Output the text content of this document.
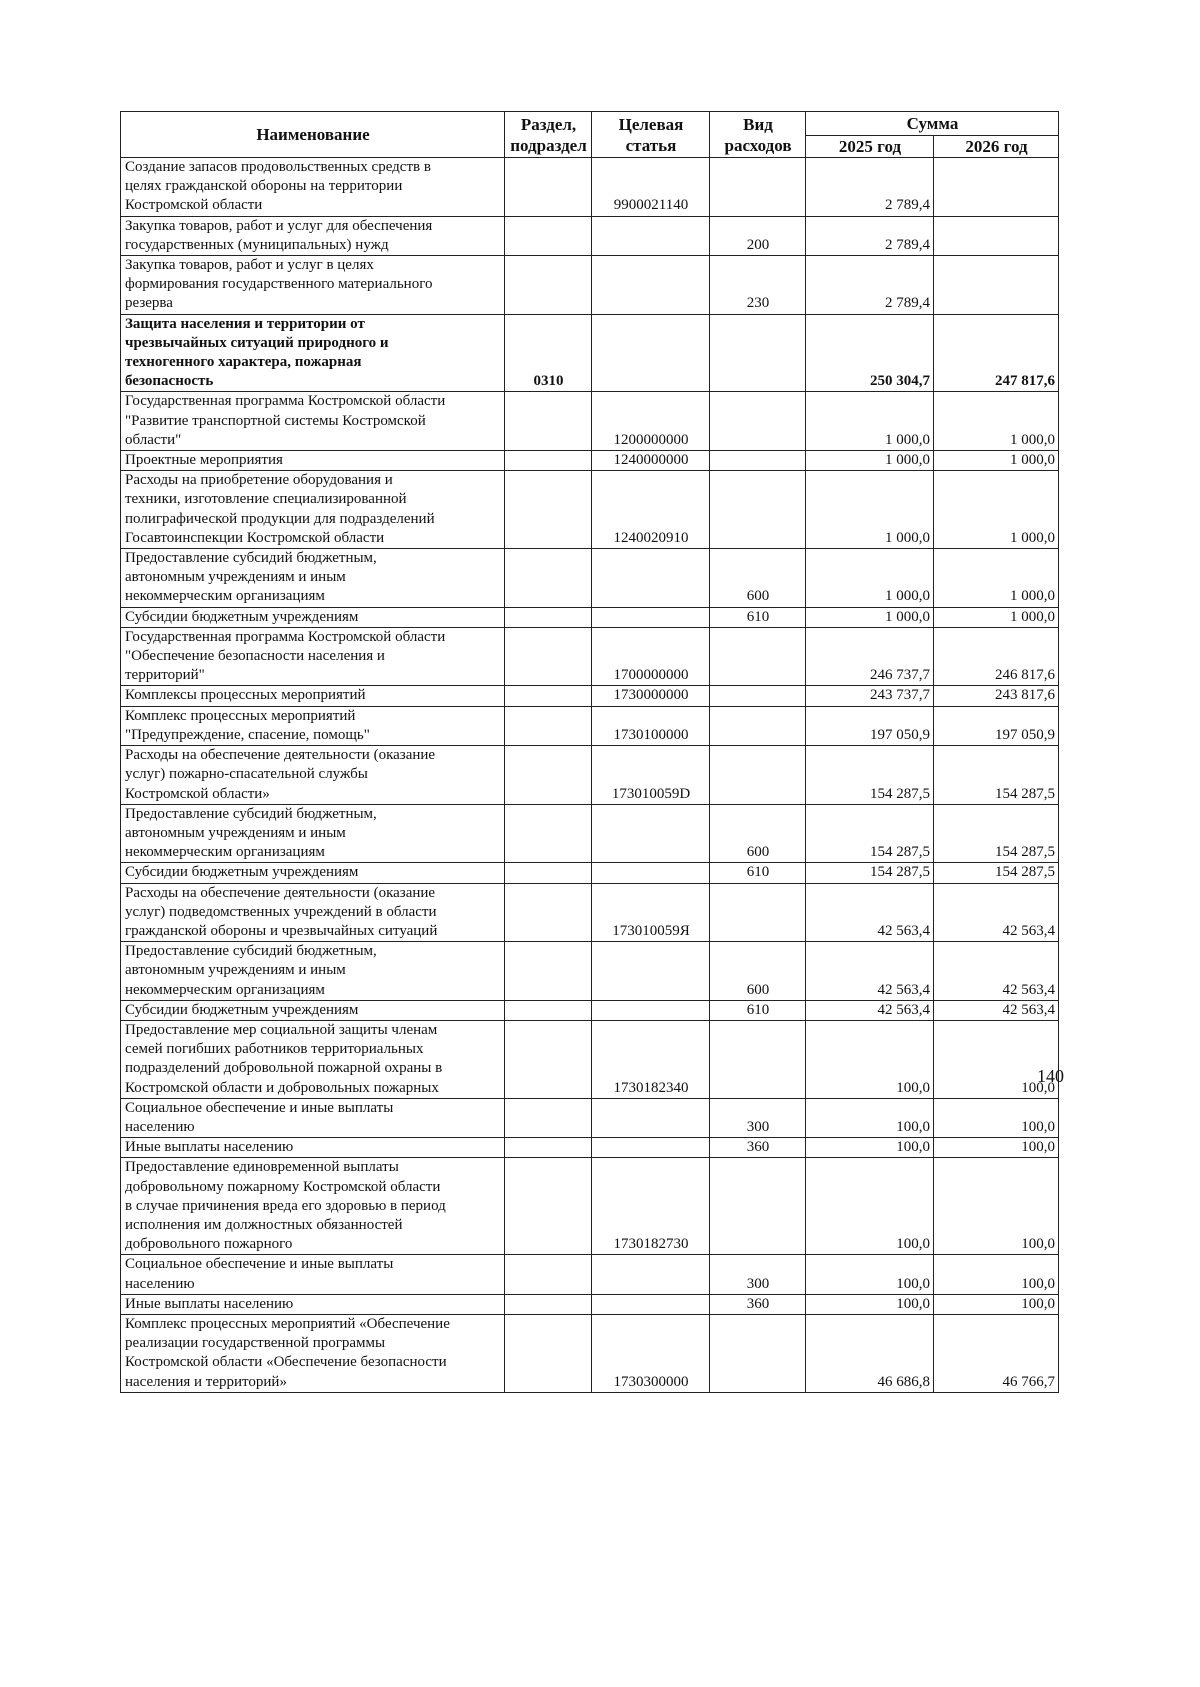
Наименование	Раздел, подраздел	Целевая статья	Вид расходов	Сумма	
				2025 год	2026 год
Создание запасов продовольственных средств в
целях гражданской обороны на территории
Костромской области		9900021140		2 789,4	
Закупка товаров, работ и услуг для обеспечения
государственных (муниципальных) нужд			200	2 789,4	
Закупка товаров, работ и услуг в целях
формирования государственного материального
резерва			230	2 789,4	
Защита населения и территории от
чрезвычайных ситуаций природного и
техногенного характера, пожарная
безопасность	0310			250 304,7	247 817,6
Государственная программа Костромской области
"Развитие транспортной системы Костромской
области"		1200000000		1 000,0	1 000,0
Проектные мероприятия		1240000000		1 000,0	1 000,0
Расходы на приобретение оборудования и
техники, изготовление специализированной
полиграфической продукции для подразделений
Госавтоинспекции Костромской области		1240020910		1 000,0	1 000,0
Предоставление субсидий бюджетным,
автономным учреждениям и иным
некоммерческим организациям			600	1 000,0	1 000,0
Субсидии бюджетным учреждениям			610	1 000,0	1 000,0
Государственная программа Костромской области
"Обеспечение безопасности населения и
территорий"		1700000000		246 737,7	246 817,6
Комплексы процессных мероприятий		1730000000		243 737,7	243 817,6
Комплекс процессных мероприятий
"Предупреждение, спасение, помощь"		1730100000		197 050,9	197 050,9
Расходы на обеспечение деятельности (оказание
услуг) пожарно-спасательной службы
Костромской области»		173010059D		154 287,5	154 287,5
Предоставление субсидий бюджетным,
автономным учреждениям и иным
некоммерческим организациям			600	154 287,5	154 287,5
Субсидии бюджетным учреждениям			610	154 287,5	154 287,5
Расходы на обеспечение деятельности (оказание
услуг) подведомственных учреждений в области
гражданской обороны и чрезвычайных ситуаций		173010059Я		42 563,4	42 563,4
Предоставление субсидий бюджетным,
автономным учреждениям и иным
некоммерческим организациям			600	42 563,4	42 563,4
Субсидии бюджетным учреждениям			610	42 563,4	42 563,4
Предоставление мер социальной защиты членам
семей погибших работников территориальных
подразделений добровольной пожарной охраны в
Костромской области и добровольных пожарных		1730182340		100,0	100,0
Социальное обеспечение и иные выплаты
населению			300	100,0	100,0
Иные выплаты населению			360	100,0	100,0
Предоставление единовременной выплаты
добровольному пожарному Костромской области
в случае причинения вреда его здоровью в период
исполнения им должностных обязанностей
добровольного пожарного		1730182730		100,0	100,0
Социальное обеспечение и иные выплаты
населению			300	100,0	100,0
Иные выплаты населению			360	100,0	100,0
Комплекс процессных мероприятий «Обеспечение
реализации государственной программы
Костромской области «Обеспечение безопасности
населения и территорий»		1730300000		46 686,8	46 766,7
140
